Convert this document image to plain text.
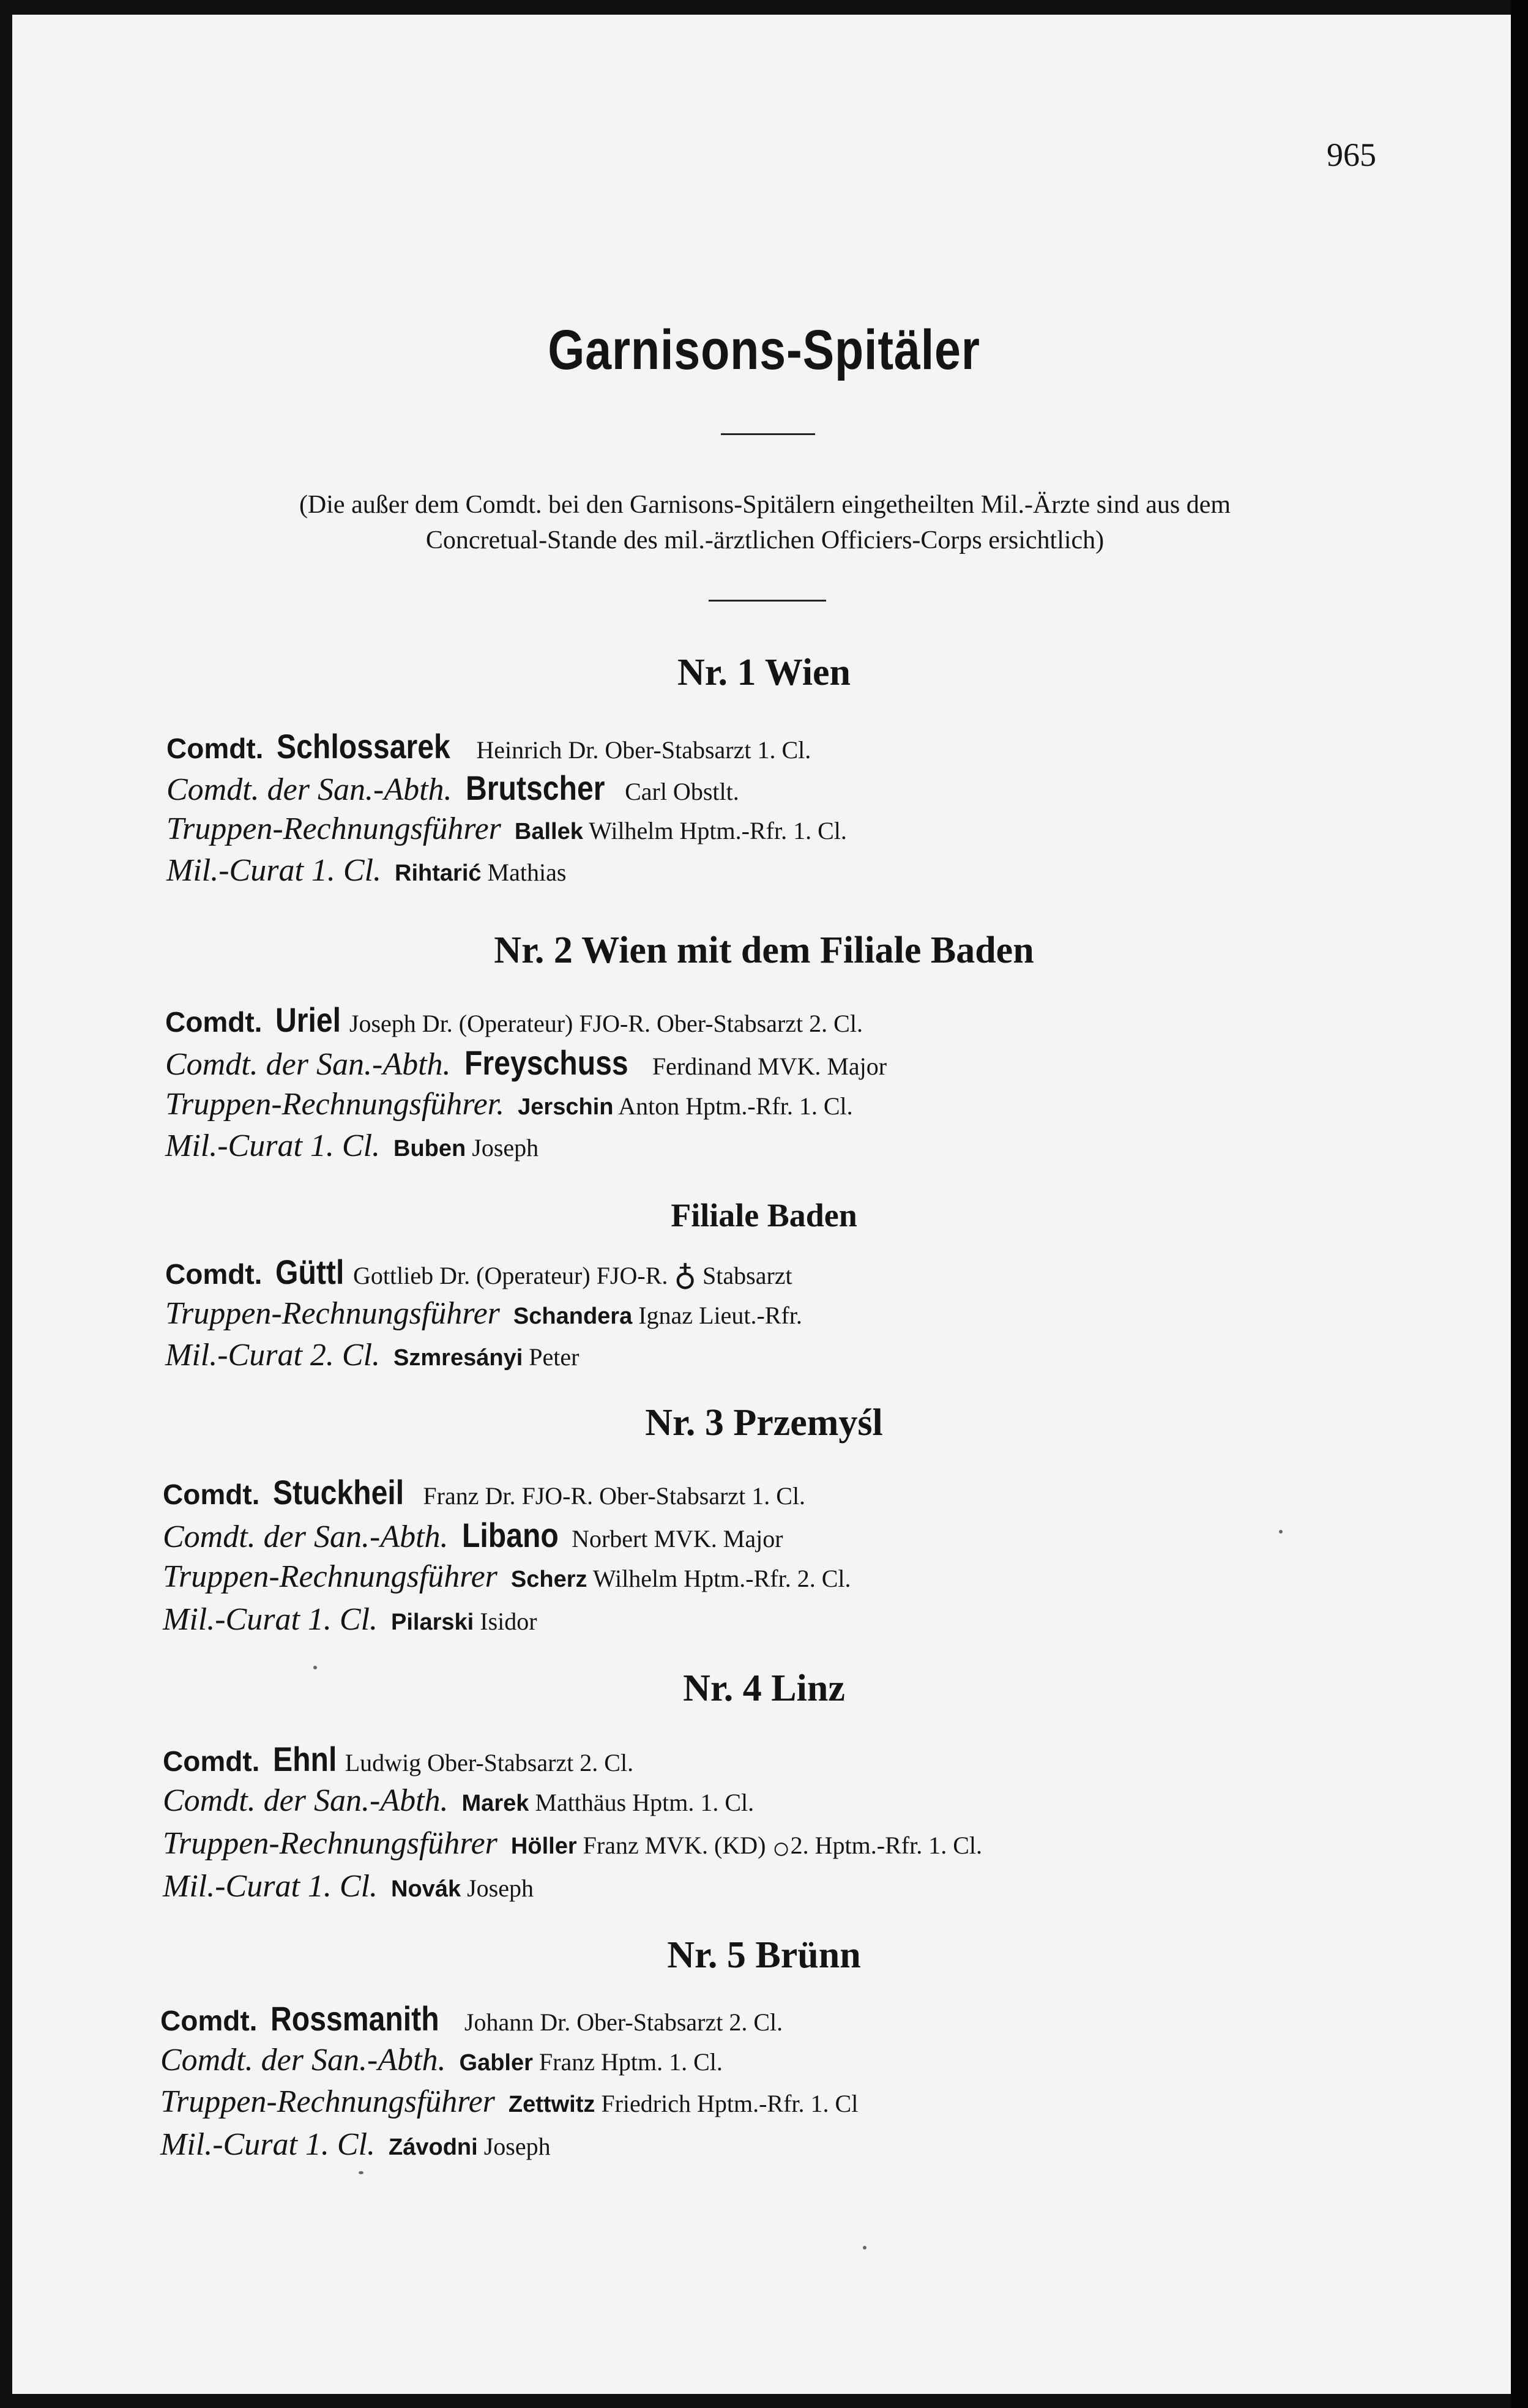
965
Garnisons-Spitäler
(Die außer dem Comdt. bei den Garnisons-Spitälern eingetheilten Mil.-Ärzte sind aus dem
Concretual-Stande des mil.-ärztlichen Officiers-Corps ersichtlich)
Nr. 1 Wien
Comdt. Schlossarek Heinrich Dr. Ober-Stabsarzt 1. Cl.
Comdt. der San.-Abth. Brutscher Carl Obstlt.
Truppen-Rechnungsführer Ballek Wilhelm Hptm.-Rfr. 1. Cl.
Mil.-Curat 1. Cl. Rihtarić Mathias
Nr. 2 Wien mit dem Filiale Baden
Comdt. Uriel Joseph Dr. (Operateur) FJO-R. Ober-Stabsarzt 2. Cl.
Comdt. der San.-Abth. Freyschuss Ferdinand MVK. Major
Truppen-Rechnungsführer. Jerschin Anton Hptm.-Rfr. 1. Cl.
Mil.-Curat 1. Cl. Buben Joseph
Filiale Baden
Comdt. Güttl Gottlieb Dr. (Operateur) FJO-R. ♁ Stabsarzt
Truppen-Rechnungsführer Schandera Ignaz Lieut.-Rfr.
Mil.-Curat 2. Cl. Szmresányi Peter
Nr. 3 Przemyśl
Comdt. Stuckheil Franz Dr. FJO-R. Ober-Stabsarzt 1. Cl.
Comdt. der San.-Abth. Libano Norbert MVK. Major
Truppen-Rechnungsführer Scherz Wilhelm Hptm.-Rfr. 2. Cl.
Mil.-Curat 1. Cl. Pilarski Isidor
Nr. 4 Linz
Comdt. Ehnl Ludwig Ober-Stabsarzt 2. Cl.
Comdt. der San.-Abth. Marek Matthäus Hptm. 1. Cl.
Truppen-Rechnungsführer Höller Franz MVK. (KD) ○2. Hptm.-Rfr. 1. Cl.
Mil.-Curat 1. Cl. Novák Joseph
Nr. 5 Brünn
Comdt. Rossmanith Johann Dr. Ober-Stabsarzt 2. Cl.
Comdt. der San.-Abth. Gabler Franz Hptm. 1. Cl.
Truppen-Rechnungsführer Zettwitz Friedrich Hptm.-Rfr. 1. Cl
Mil.-Curat 1. Cl. Závodni Joseph
